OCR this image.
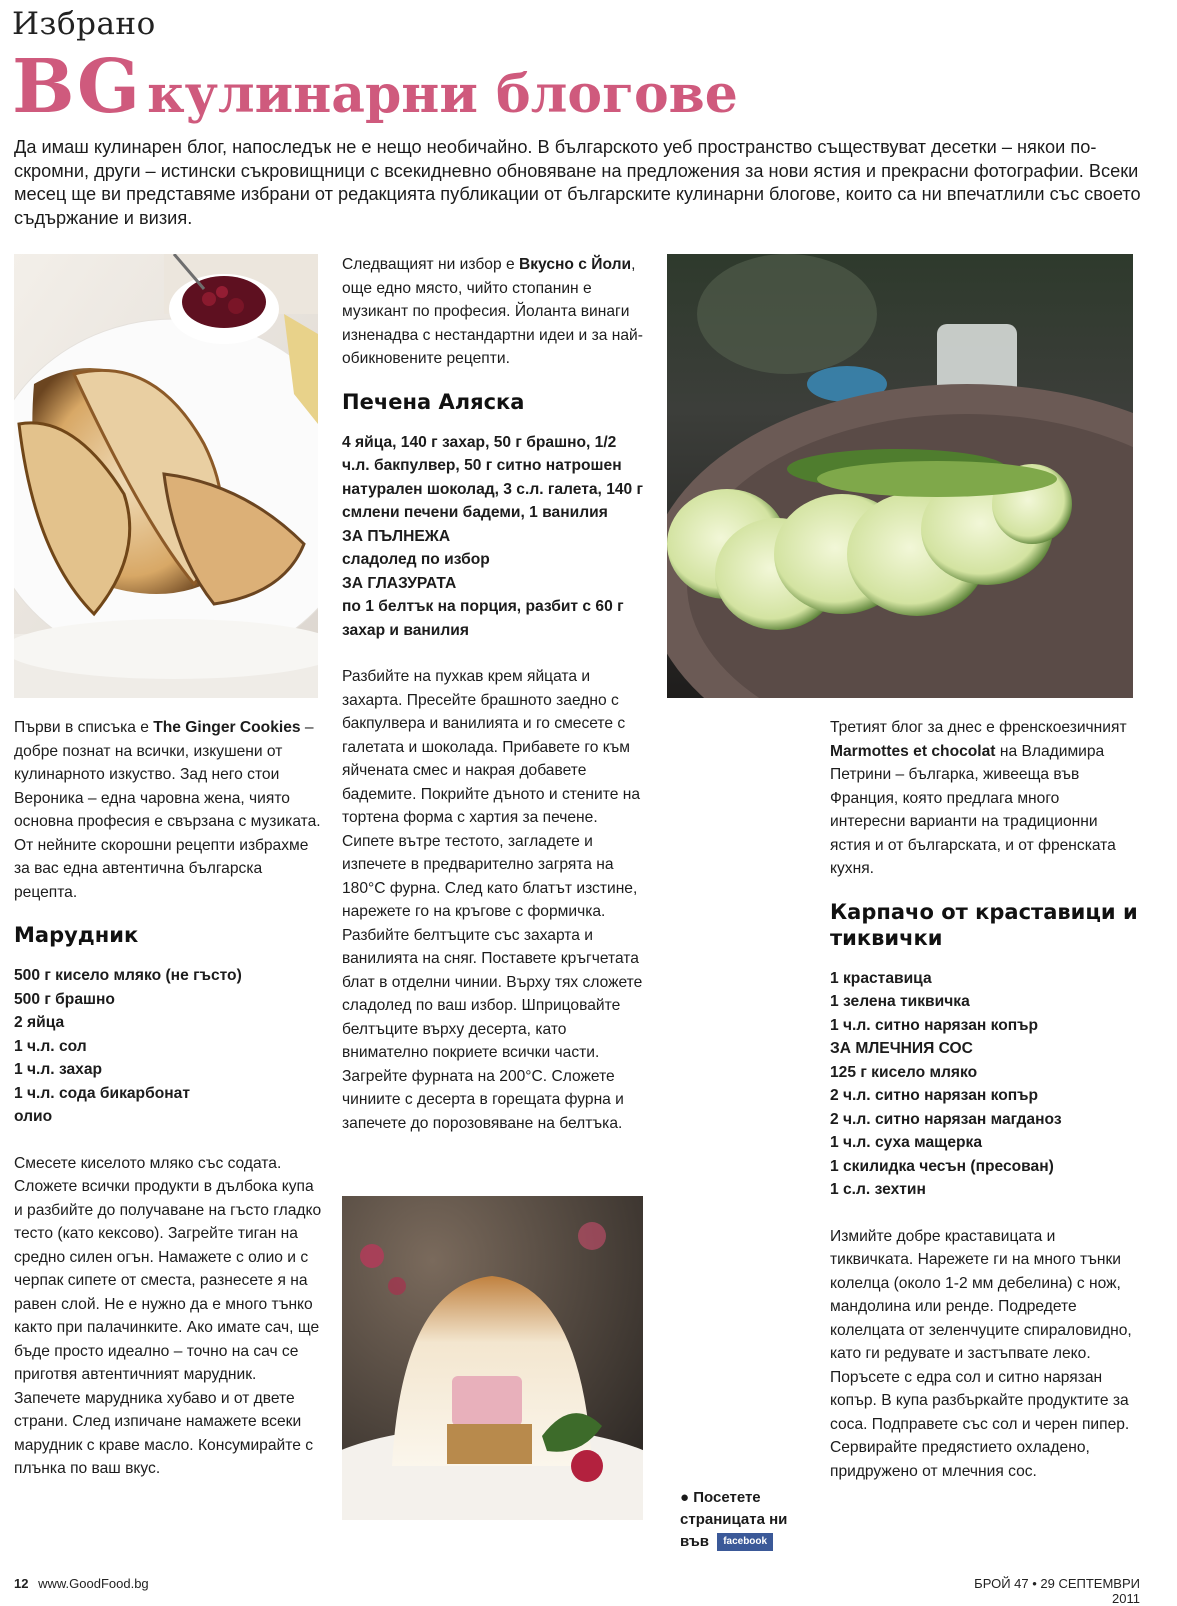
Избрано
BG кулинарни блогове
Да имаш кулинарен блог, напоследък не е нещо необичайно. В българското уеб пространство съществуват десетки – някои по-скромни, други – истински съкровищници с всекидневно обновяване на предложения за нови ястия и прекрасни фотографии. Всеки месец ще ви представяме избрани от редакцията публикации от българските кулинарни блогове, които са ни впечатлили със своето съдържание и визия.

Първи в списъка е The Ginger Cookies – добре познат на всички, изкушени от кулинарното изкуство. Зад него стои Вероника – една чаровна жена, чиято основна професия е свързана с музиката. От нейните скорошни рецепти избрахме за вас една автентична българска рецепта.

Марудник
500 г кисело мляко (не гъсто)
500 г брашно
2 яйца
1 ч.л. сол
1 ч.л. захар
1 ч.л. сода бикарбонат
олио

Смесете киселото мляко със содата. Сложете всички продукти в дълбока купа и разбийте до получаване на гъсто гладко тесто (като кексово). Загрейте тиган на средно силен огън. Намажете с олио и с черпак сипете от сместа, разнесете я на равен слой. Не е нужно да е много тънко както при палачинките. Ако имате сач, ще бъде просто идеално – точно на сач се приготвя автентичният марудник. Запечете марудника хубаво и от двете страни. След изпичане намажете всеки марудник с краве масло. Консумирайте с плънка по ваш вкус.

Следващият ни избор е Вкусно с Йоли, още едно място, чийто стопанин е музикант по професия. Йоланта винаги изненадва с нестандартни идеи и за най-обикновените рецепти.

Печена Аляска
4 яйца, 140 г захар, 50 г брашно, 1/2 ч.л. бакпулвер, 50 г ситно натрошен натурален шоколад, 3 с.л. галета, 140 г смлени печени бадеми, 1 ванилия
ЗА ПЪЛНЕЖА
сладолед по избор
ЗА ГЛАЗУРАТА
по 1 белтък на порция, разбит с 60 г захар и ванилия

Разбийте на пухкав крем яйцата и захарта. Пресейте брашното заедно с бакпулвера и ванилията и го смесете с галетата и шоколада. Прибавете го към яйчената смес и накрая добавете бадемите. Покрийте дъното и стените на тортена форма с хартия за печене. Сипете вътре тестото, загладете и изпечете в предварително загрята на 180°С фурна. След като блатът изстине, нарежете го на кръгове с формичка. Разбийте белтъците със захарта и ванилията на сняг. Поставете кръгчетата блат в отделни чинии. Върху тях сложете сладолед по ваш избор. Шприцовайте белтъците върху десерта, като внимателно покриете всички части. Загрейте фурната на 200°С. Сложете чиниите с десерта в горещата фурна и запечете до порозовяване на белтъка.

Третият блог за днес е френскоезичният Marmottes et chocolat на Владимира Петрини – българка, живееща във Франция, която предлага много интересни варианти на традиционни ястия и от българската, и от френската кухня.

Карпачо от краставици и тиквички
1 краставица
1 зелена тиквичка
1 ч.л. ситно нарязан копър
ЗА МЛЕЧНИЯ СОС
125 г кисело мляко
2 ч.л. ситно нарязан копър
2 ч.л. ситно нарязан магданоз
1 ч.л. суха мащерка
1 скилидка чесън (пресован)
1 с.л. зехтин

Измийте добре краставицата и тиквичката. Нарежете ги на много тънки колелца (около 1-2 мм дебелина) с нож, мандолина или ренде. Подредете колелцата от зеленчуците спираловидно, като ги редувате и застъпвате леко. Поръсете с едра сол и ситно нарязан копър. В купа разбъркайте продуктите за соса. Подправете със сол и черен пипер. Сервирайте предястието охладено, придружено от млечния сос.

● Посетете страницата ни във facebook
12 www.GoodFood.bg	БРОЙ 47 • 29 СЕПТЕМВРИ 2011
